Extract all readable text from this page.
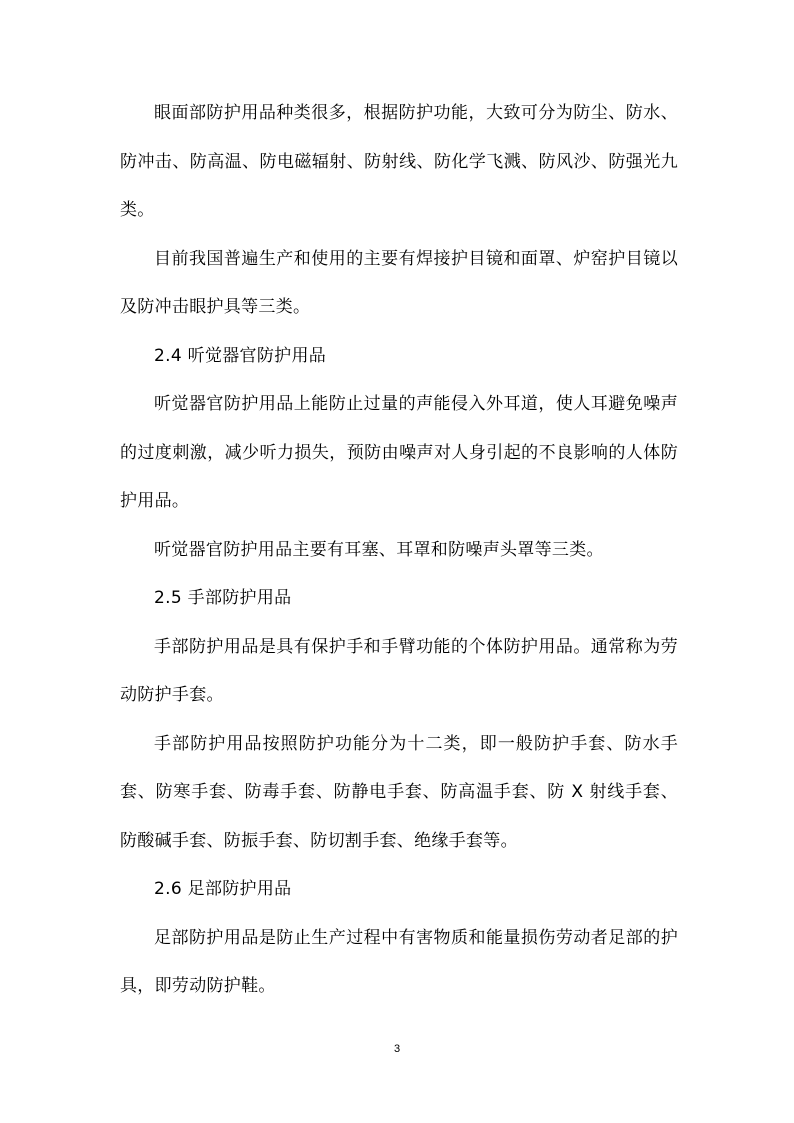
眼面部防护用品种类很多，根据防护功能，大致可分为防尘、防水、防冲击、防高温、防电磁辐射、防射线、防化学飞溅、防风沙、防强光九类。

目前我国普遍生产和使用的主要有焊接护目镜和面罩、炉窑护目镜以及防冲击眼护具等三类。

2.4 听觉器官防护用品

听觉器官防护用品上能防止过量的声能侵入外耳道，使人耳避免噪声的过度刺激，减少听力损失，预防由噪声对人身引起的不良影响的人体防护用品。

听觉器官防护用品主要有耳塞、耳罩和防噪声头罩等三类。

2.5 手部防护用品

手部防护用品是具有保护手和手臂功能的个体防护用品。通常称为劳动防护手套。

手部防护用品按照防护功能分为十二类，即一般防护手套、防水手套、防寒手套、防毒手套、防静电手套、防高温手套、防 X 射线手套、防酸碱手套、防振手套、防切割手套、绝缘手套等。

2.6 足部防护用品

足部防护用品是防止生产过程中有害物质和能量损伤劳动者足部的护具，即劳动防护鞋。

3
